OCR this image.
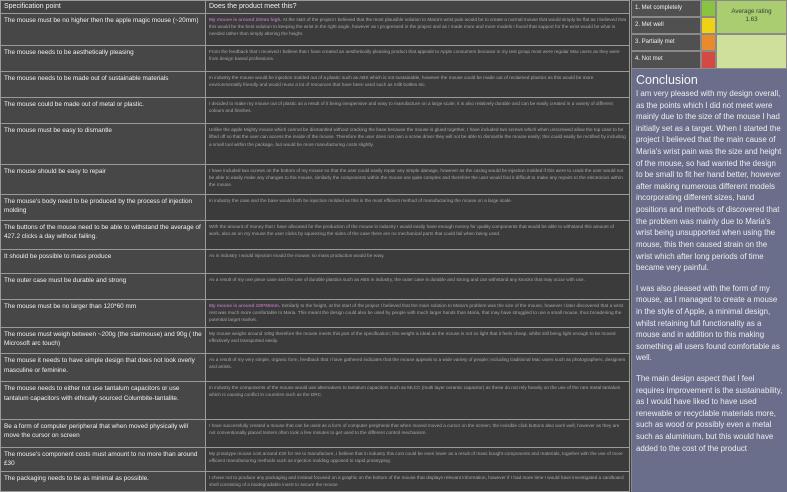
Specification point	Does the product meet this?
The mouse must be no higher then the apple magic mouse (~20mm)	My mouse is around 20mm high. At the start of the project I believed that the most plausible solution to Maria's wrist pain would be to create a normal mouse that would simply be flat as I believed that this would be the best solution to keeping the wrist in the right angle, however as I progressed in the project and as I made more and more models I found that support for the wrist would be what is needed rather than simply altering the height.
The mouse needs to be aesthetically pleasing	From the feedback that I received I believe that I have created an aesthetically pleasing product that appeals to Apple consumers because in my test group most were regular Mac users as they were from design based professions.
The mouse needs to be made out of sustainable materials	In industry the mouse would be injection molded out of a plastic such as ABS which is not sustainable, however the mouse could be made out of reclaimed plastics as this would be more environmentally friendly and would reuse a lot of resources that have been used such as milk bottles etc.
The mouse could be made out of metal or plastic.	I decided to make my mouse out of plastic as a result of it being inexpensive and easy to manufacture on a large scale; it is also relatively durable and can be easily created in a variety of different colours and finishes.
The mouse must be easy to dismantle	Unlike the apple Mighty mouse which cannot be dismantled without cracking the base because the mouse is glued together, I have included two screws which when unscrewed allow the top case to be lifted off so that the user can access the inside of the mouse. Therefore the user does not own a screw driver they will not be able to dismantle the mouse easily; this could easily be rectified by including a small tool within the package, but would be more manufacturing costs slightly.
The mouse should be easy to repair	I have included two screws on the bottom of my mouse so that the user could easily repair any simple damage, however as the casing would be injection molded if this were to crack the user would not be able to easily make any changes to the mouse, similarly the components within the mouse are quite complex and therefore the user would find it difficult to make any repairs to the electronics within the mouse.
The mouse's body need to be produced by the process of injection molding	In industry the case and the base would both be injection molded as this is the most efficient method of manufacturing the mouse on a large scale.
The buttons of the mouse need to be able to withstand the average of 427.2 clicks a day without failing.	With the amount of money that I have allocated for the production of the mouse in industry I would easily have enough money for quality components that would be able to withstand this amount of work, also as on my mouse the user clicks by squeezing the sides of the case there are no mechanical parts that could fail when being used.
It should be possible to mass produce	As in industry I would injection mould the mouse; so mass production would be easy.
The outer case must be durable and strong	As a result of my one piece case and the use of durable plastics such as ABS in industry, the outer case is durable and strong and can withstand any knocks that may occur with use.
The mouse must be no larger than 120*60 mm	My mouse is around 100*60mm. Similarly to the height, at the start of the project I believed that the main solution to Maria's problem was the size of the mouse, however I later discovered that a wrist rest was much more comfortable to Maria. This meant the design could also be used by people with much larger hands than Maria, that may have struggled to use a small mouse, thus broadening the potential target market.
The mouse must weigh between ~200g (the starmouse) and 90g ( the Microsoft arc touch)	My mouse weighs around 100g therefore the mouse meets this part of the specification; this weight is ideal as the mouse is not so light that it feels cheap, whilst still being light enough to be moved effectively and transported easily.
The mouse it needs to have simple design that does not look overly masculine or feminine.	As a result of my very simple, organic form, feedback that I have gathered indicates that the mouse appeals to a wide variety of people; including traditional Mac users such as photographers, designers and artists.
The mouse needs to either not use tantalum capacitors or use tantalum capacitors with ethically sourced Columbite-tantalite.	In industry the components of the mouse would use alternatives to tantalum capacitors such as MLCC (multi layer ceramic capacitor) as these do not rely heavily on the use of the rare metal tantalum which is causing conflict in countries such as the DRC.
Be a form of computer peripheral that when moved physically will move the cursor on screen	I have successfully created a mouse that can be used as a form of computer peripheral that when moved moved a cursor on the screen; the invisible click buttons also work well, however as they are not conventionally placed testers often took a few minutes to get used to the different control mechanism.
The mouse's component costs must amount to no more than around £30	My prototype mouse cost around £30 for me to manufacture, I believe that in industry this cost could be even lower as a result of mass bought components and materials, together with the use of more efficient manufacturing methods such as injection molding opposed to rapid prototyping.
The packaging needs to be as minimal as possible.	I chose not to produce any packaging and instead focused on a graphic on the bottom of the mouse that displays relevant information, however if I had more time I would have investigated a cardboard shell consisting of a biodegradable insert to secure the mouse.
1. Met completely
2. Met well
3. Partially met
4. Not met
Average rating
1.63
Conclusion

I am very pleased with my design overall, as the points which I did not meet were mainly due to the size of the mouse I had initially set as a target. When I started the project I believed that the main cause of Maria's wrist pain was the size and height of the mouse, so had wanted the design to be small to fit her hand better, however after making numerous different models incorporating different sizes, hand positions and methods of discovered that the problem was mainly due to Maria's wrist being unsupported when using the mouse, this then caused strain on the wrist which after long periods of time became very painful.

I was also pleased with the form of my mouse, as I managed to create a mouse in the style of Apple, a minimal design, whilst retaining full functionality as a mouse and in addition to this making something all users found comfortable as well.

The main design aspect that I feel requires improvement is the sustainability, as I would have liked to have used renewable or recyclable materials more, such as wood or possibly even a metal such as aluminium, but this would have added to the cost of the product
